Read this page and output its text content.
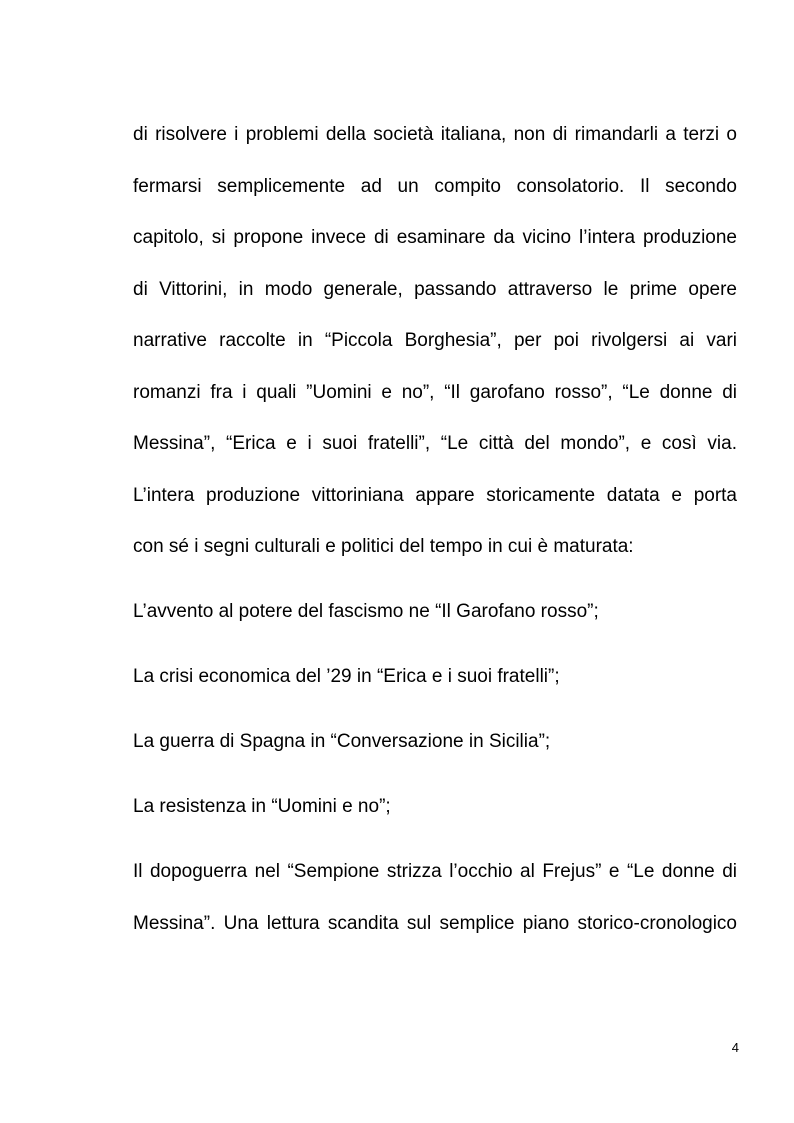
di risolvere i problemi della società italiana, non di rimandarli a terzi o
fermarsi semplicemente ad un compito consolatorio. Il secondo
capitolo, si propone invece di esaminare da vicino l’intera produzione
di Vittorini, in modo generale, passando attraverso le prime opere
narrative raccolte in “Piccola Borghesia”, per poi rivolgersi ai vari
romanzi fra i quali ”Uomini e no”, “Il garofano rosso”, “Le donne di
Messina”, “Erica e i suoi fratelli”, “Le città del mondo”, e così via.
L’intera produzione vittoriniana appare storicamente datata e porta
con sé i segni culturali e politici del tempo in cui è maturata:
L’avvento al potere del fascismo ne “Il Garofano rosso”;
La crisi economica del ’29 in “Erica e i suoi fratelli”;
La guerra di Spagna in “Conversazione in Sicilia”;
La resistenza in “Uomini e no”;
Il dopoguerra nel “Sempione strizza l’occhio al Frejus” e “Le donne di
Messina”. Una lettura scandita sul semplice piano storico-cronologico
4
